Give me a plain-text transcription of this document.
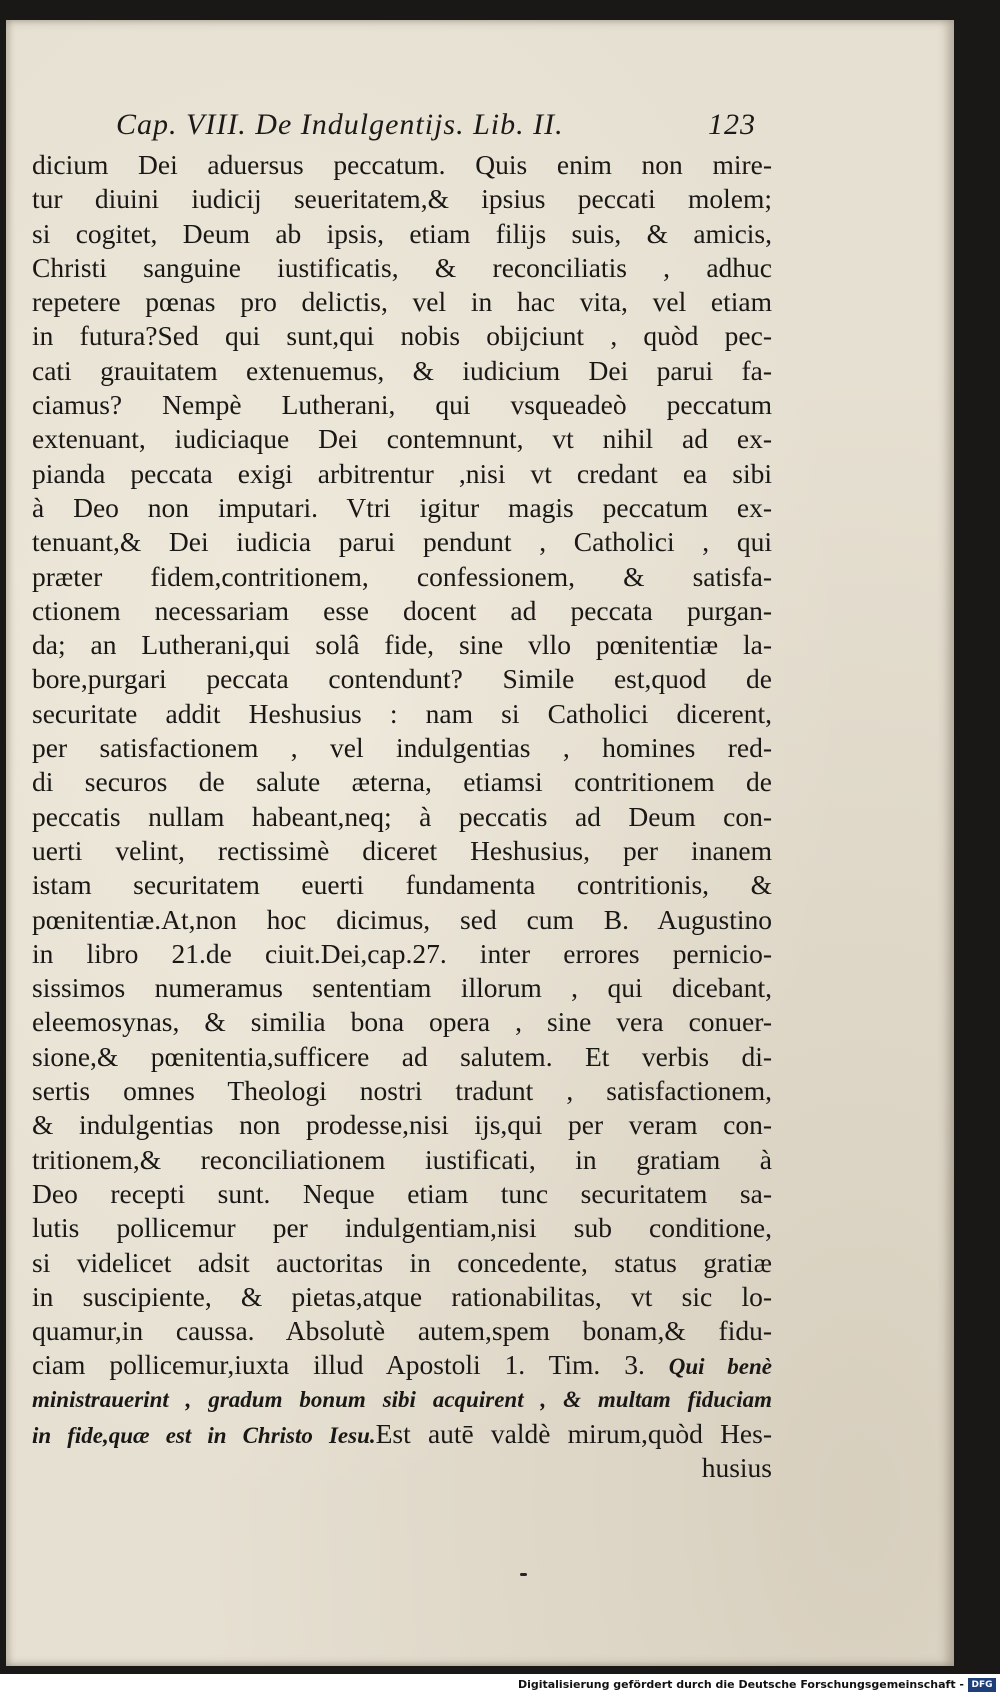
Cap. VIII. De Indulgentijs. Lib. II.	123
dicium Dei aduersus peccatum. Quis enim non mire-
tur diuini iudicij seueritatem,& ipsius peccati molem;
si cogitet, Deum ab ipsis, etiam filijs suis, & amicis,
Christi sanguine iustificatis, & reconciliatis , adhuc
repetere pœnas pro delictis, vel in hac vita, vel etiam
in futura?Sed qui sunt,qui nobis obijciunt , quòd pec-
cati grauitatem extenuemus, & iudicium Dei parui fa-
ciamus? Nempè Lutherani, qui vsqueadeò peccatum
extenuant, iudiciaque Dei contemnunt, vt nihil ad ex-
pianda peccata exigi arbitrentur ,nisi vt credant ea sibi
à Deo non imputari. Vtri igitur magis peccatum ex-
tenuant,& Dei iudicia parui pendunt , Catholici , qui
præter fidem,contritionem, confessionem, & satisfa-
ctionem necessariam esse docent ad peccata purgan-
da; an Lutherani,qui solâ fide, sine vllo pœnitentiæ la-
bore,purgari peccata contendunt? Simile est,quod de
securitate addit Heshusius : nam si Catholici dicerent,
per satisfactionem , vel indulgentias , homines red-
di securos de salute æterna, etiamsi contritionem de
peccatis nullam habeant,neq; à peccatis ad Deum con-
uerti velint, rectissimè diceret Heshusius, per inanem
istam securitatem euerti fundamenta contritionis, &
pœnitentiæ.At,non hoc dicimus, sed cum B. Augustino
in libro 21.de ciuit.Dei,cap.27. inter errores pernicio-
sissimos numeramus sententiam illorum , qui dicebant,
eleemosynas, & similia bona opera , sine vera conuer-
sione,& pœnitentia,sufficere ad salutem. Et verbis di-
sertis omnes Theologi nostri tradunt , satisfactionem,
& indulgentias non prodesse,nisi ijs,qui per veram con-
tritionem,& reconciliationem iustificati, in gratiam à
Deo recepti sunt. Neque etiam tunc securitatem sa-
lutis pollicemur per indulgentiam,nisi sub conditione,
si videlicet adsit auctoritas in concedente, status gratiæ
in suscipiente, & pietas,atque rationabilitas, vt sic lo-
quamur,in caussa. Absolutè autem,spem bonam,& fidu-
ciam pollicemur,iuxta illud Apostoli 1. Tim. 3. Qui benè
ministrauerint , gradum bonum sibi acquirent , & multam fiduciam
in fide,quæ est in Christo Iesu.Est autē valdè mirum,quòd Hes-
husius
Digitalisierung gefördert durch die Deutsche Forschungsgemeinschaft - DFG
